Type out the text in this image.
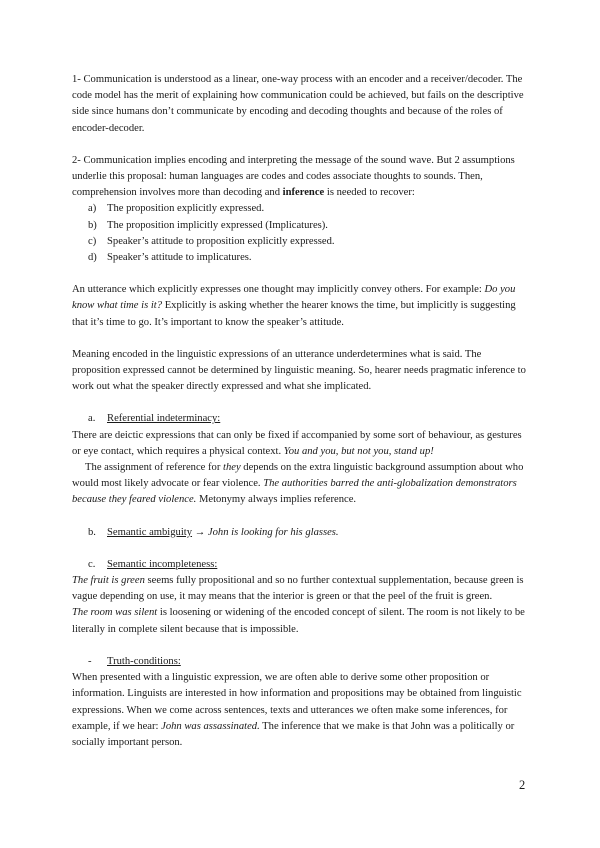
1- Communication is understood as a linear, one-way process with an encoder and a receiver/decoder. The code model has the merit of explaining how communication could be achieved, but fails on the descriptive side since humans don’t communicate by encoding and decoding thoughts and because of the roles of encoder-decoder.

2- Communication implies encoding and interpreting the message of the sound wave. But 2 assumptions underlie this proposal: human languages are codes and codes associate thoughts to sounds. Then, comprehension involves more than decoding and inference is needed to recover:

a) The proposition explicitly expressed.
b) The proposition implicitly expressed (Implicatures).
c) Speaker’s attitude to proposition explicitly expressed.
d) Speaker’s attitude to implicatures.

An utterance which explicitly expresses one thought may implicitly convey others. For example: Do you know what time is it? Explicitly is asking whether the hearer knows the time, but implicitly is suggesting that it’s time to go. It’s important to know the speaker’s attitude.

Meaning encoded in the linguistic expressions of an utterance underdetermines what is said. The proposition expressed cannot be determined by linguistic meaning. So, hearer needs pragmatic inference to work out what the speaker directly expressed and what she implicated.

a. Referential indeterminacy:

There are deictic expressions that can only be fixed if accompanied by some sort of behaviour, as gestures or eye contact, which requires a physical context. You and you, but not you, stand up!     The assignment of reference for they depends on the extra linguistic background assumption about who would most likely advocate or fear violence. The authorities barred the anti-globalization demonstrators because they feared violence. Metonymy always implies reference.

b. Semantic ambiguity → John is looking for his glasses.

c. Semantic incompleteness:

The fruit is green seems fully propositional and so no further contextual supplementation, because green is vague depending on use, it may means that the interior is green or that the peel of the fruit is green.

The room was silent is loosening or widening of the encoded concept of silent. The room is not likely to be literally in complete silent because that is impossible.

- Truth-conditions:

When presented with a linguistic expression, we are often able to derive some other proposition or information. Linguists are interested in how information and propositions may be obtained from linguistic expressions. When we come across sentences, texts and utterances we often make some inferences, for example, if we hear: John was assassinated. The inference that we make is that John was a politically or socially important person.

2
